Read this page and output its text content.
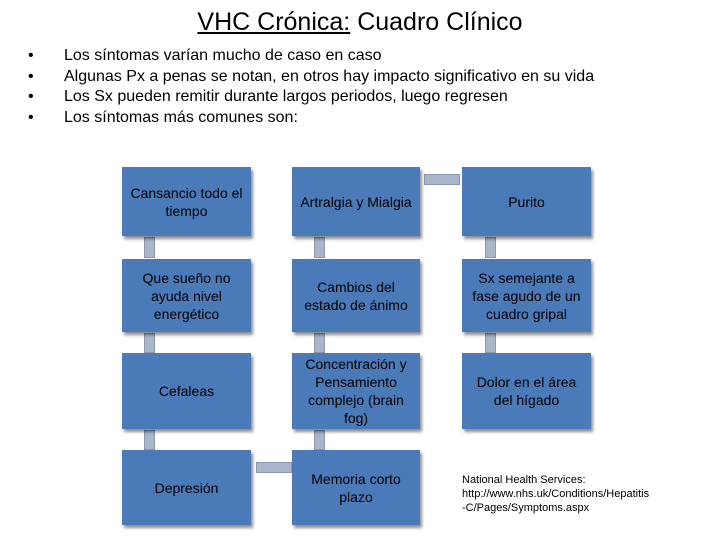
VHC Crónica: Cuadro Clínico
• Los síntomas varían mucho de caso en caso
• Algunas Px a penas se notan, en otros hay impacto significativo en su vida
• Los Sx pueden remitir durante largos periodos, luego regresen
• Los síntomas más comunes son:
Cansancio todo el tiempo
Que sueño no ayuda nivel energético
Cefaleas
Depresión
Artralgia y Mialgia
Cambios del estado de ánimo
Concentración y Pensamiento complejo (brain fog)
Memoria corto plazo
Purito
Sx semejante a fase agudo de un cuadro gripal
Dolor en el área del hígado
National Health Services:
http://www.nhs.uk/Conditions/Hepatitis
-C/Pages/Symptoms.aspx
